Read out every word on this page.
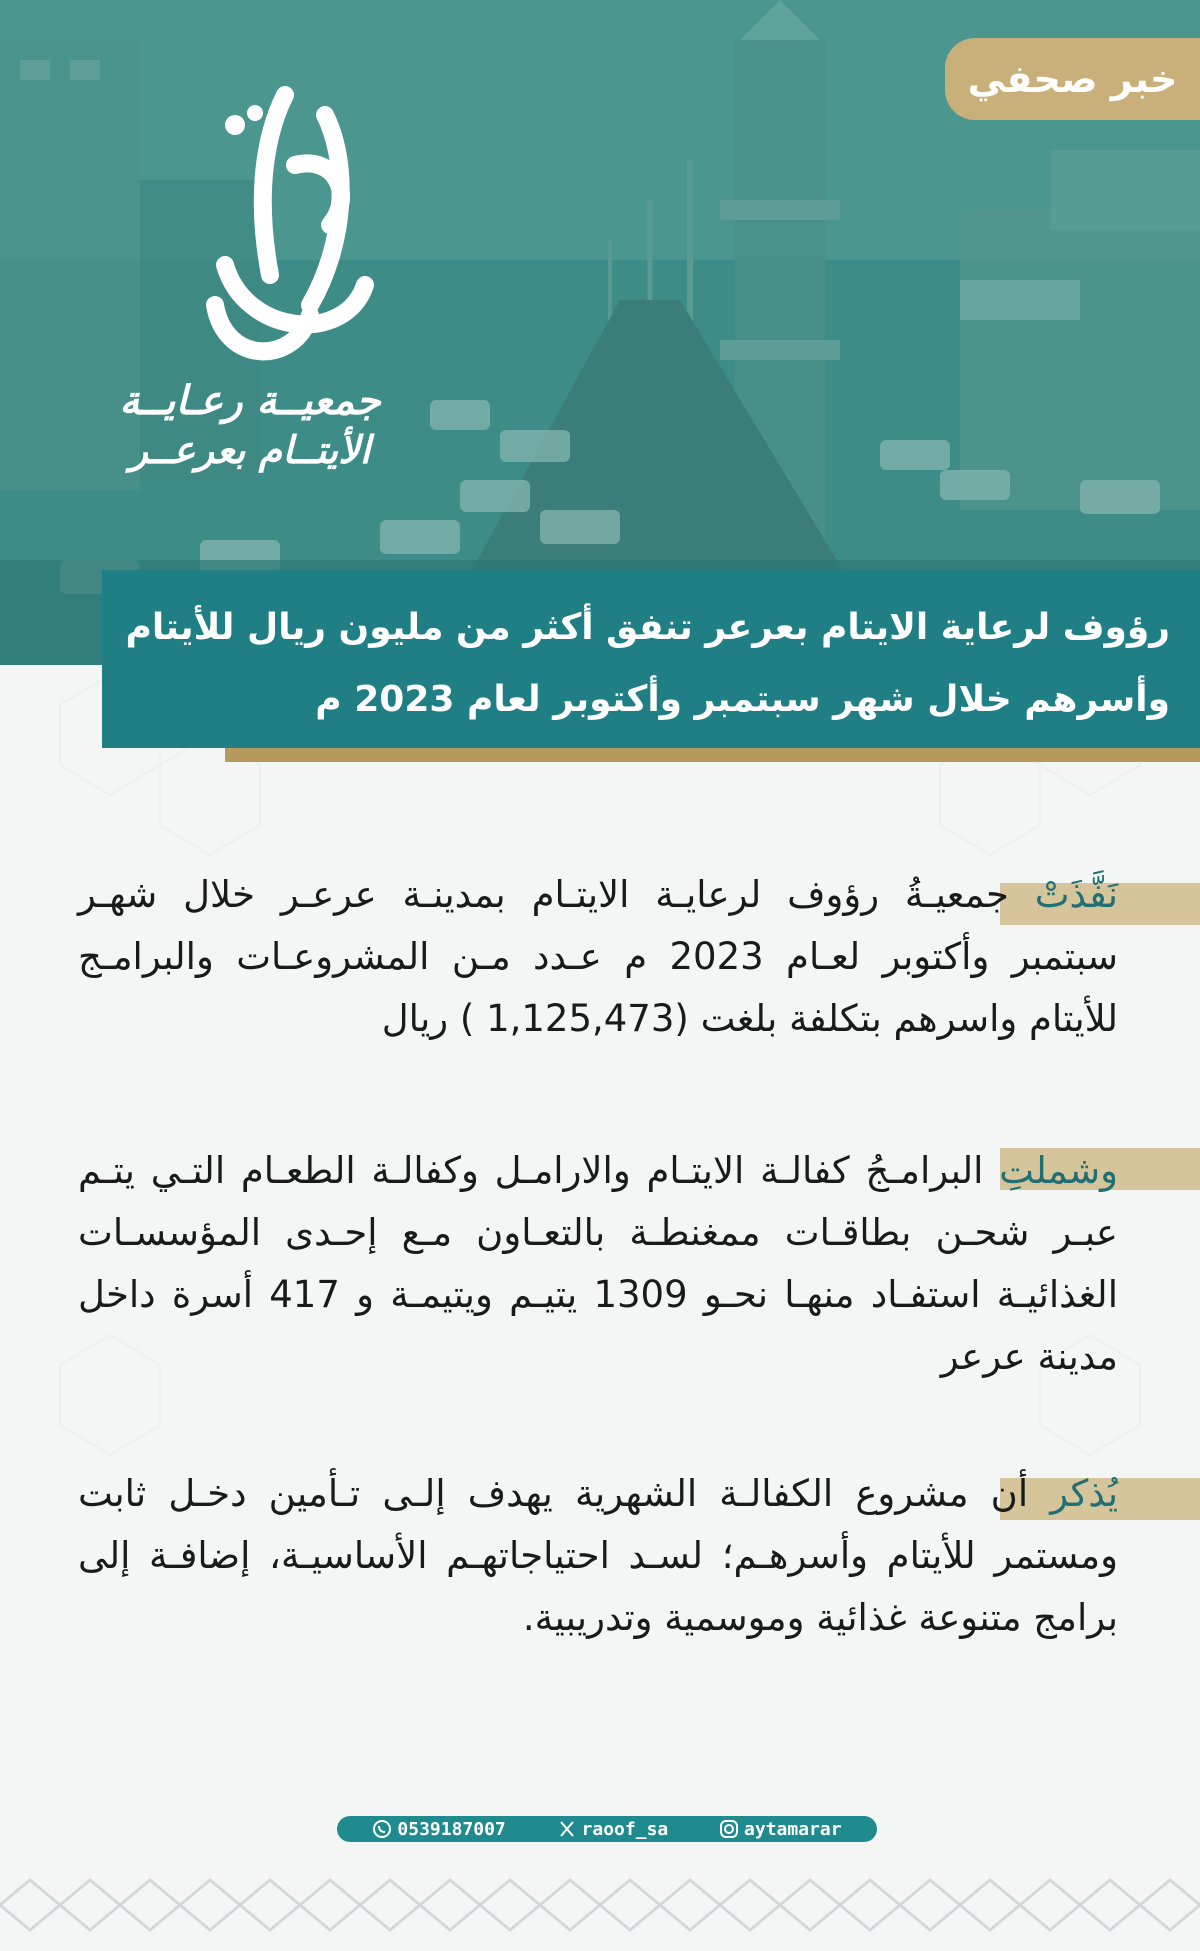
خبر صحفي
جمعيــة رعـايــة
الأيتــام بعرعــر
رؤوف لرعاية الايتام بعرعر تنفق أكثر من مليون ريال للأيتام
وأسرهم خلال شهر سبتمبر وأكتوبر لعام 2023 م
نَفَّذَتْ جمعيـةُ رؤوف لرعايـة الايتـام بمدينـة عرعـر خلال شهـر سبتمبر وأكتوبر لعـام 2023 م عـدد مـن المشروعـات والبرامـج للأيتام واسرهم بتكلفة بلغت (1,125,473 ) ريال
وشملتِ البرامـجُ كفالـة الايتـام والارامـل وكفالـة الطعـام التـي يتـم عبـر شحـن بطاقـات ممغنطـة بالتعـاون مـع إحـدى المؤسسـات الغذائيـة استفـاد منهـا نحـو 1309 يتيـم ويتيمـة و 417 أسرة داخل مدينة عرعر
يُذكر أن مشروع الكفالـة الشهرية يهدف إلـى تـأمين دخـل ثابت ومستمر للأيتام وأسرهـم؛ لسـد احتياجاتهـم الأساسيـة، إضافـة إلى برامج متنوعة غذائية وموسمية وتدريبية.
0539187007	raoof_sa	aytamarar
